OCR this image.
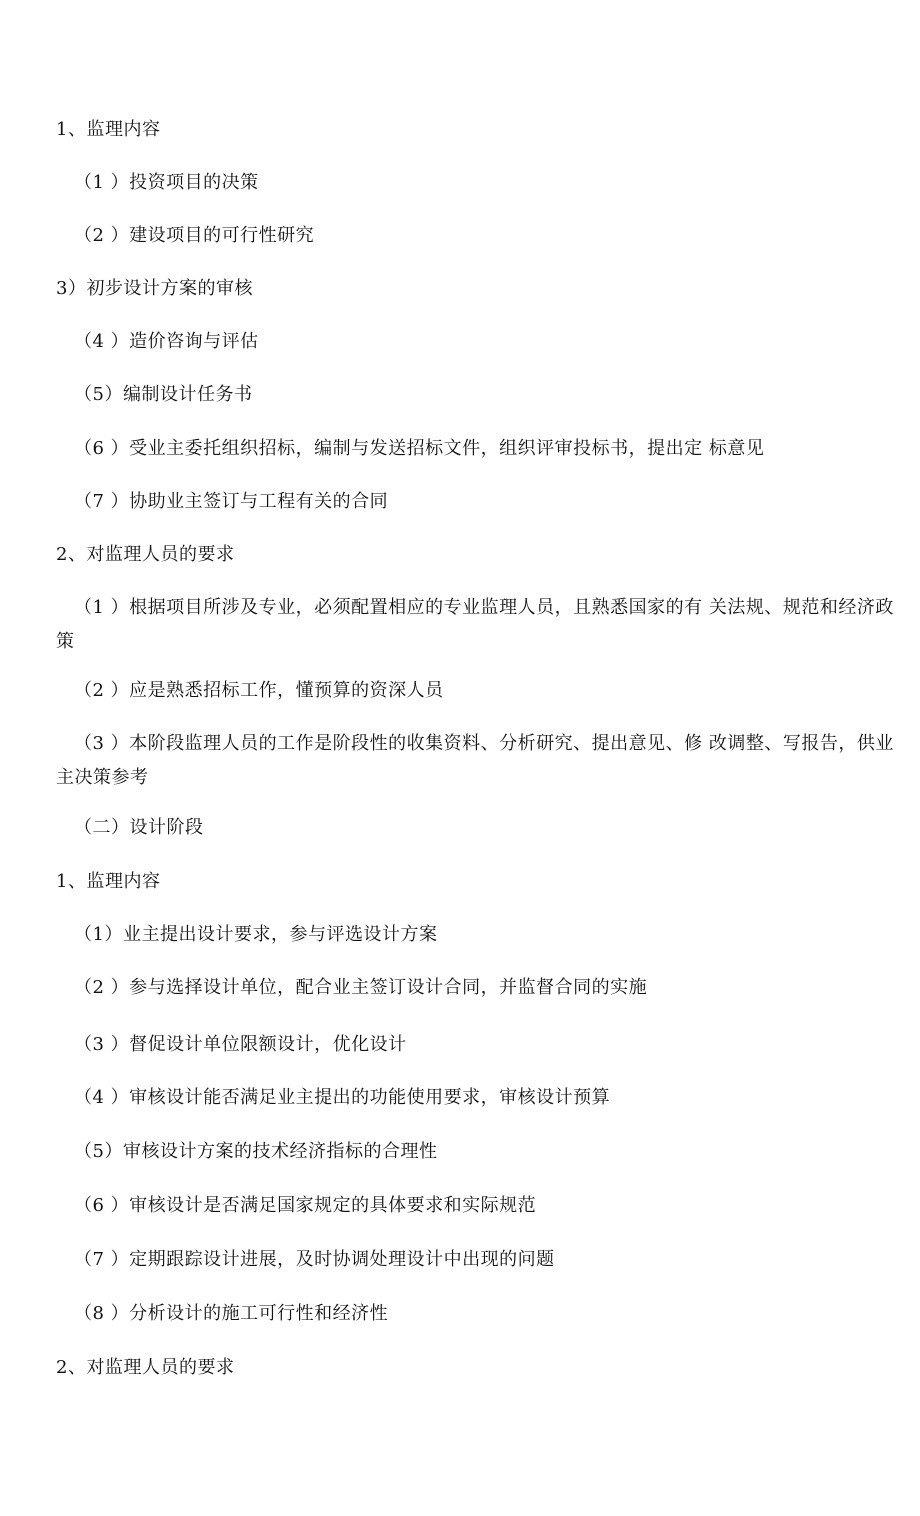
1、监理内容
（1 ）投资项目的决策
（2 ）建设项目的可行性研究
3）初步设计方案的审核
（4 ）造价咨询与评估
（5）编制设计任务书
（6 ）受业主委托组织招标，编制与发送招标文件，组织评审投标书，提出定 标意见
（7 ）协助业主签订与工程有关的合同
2、对监理人员的要求
（1 ）根据项目所涉及专业，必须配置相应的专业监理人员，且熟悉国家的有 关法规、规范和经济政策
（2 ）应是熟悉招标工作，懂预算的资深人员
（3 ）本阶段监理人员的工作是阶段性的收集资料、分析研究、提出意见、修 改调整、写报告，供业主决策参考
（二）设计阶段
1、监理内容
（1）业主提出设计要求，参与评选设计方案
（2 ）参与选择设计单位，配合业主签订设计合同，并监督合同的实施
（3 ）督促设计单位限额设计，优化设计
（4 ）审核设计能否满足业主提出的功能使用要求，审核设计预算
（5）审核设计方案的技术经济指标的合理性
（6 ）审核设计是否满足国家规定的具体要求和实际规范
（7 ）定期跟踪设计进展，及时协调处理设计中出现的问题
（8 ）分析设计的施工可行性和经济性
2、对监理人员的要求
